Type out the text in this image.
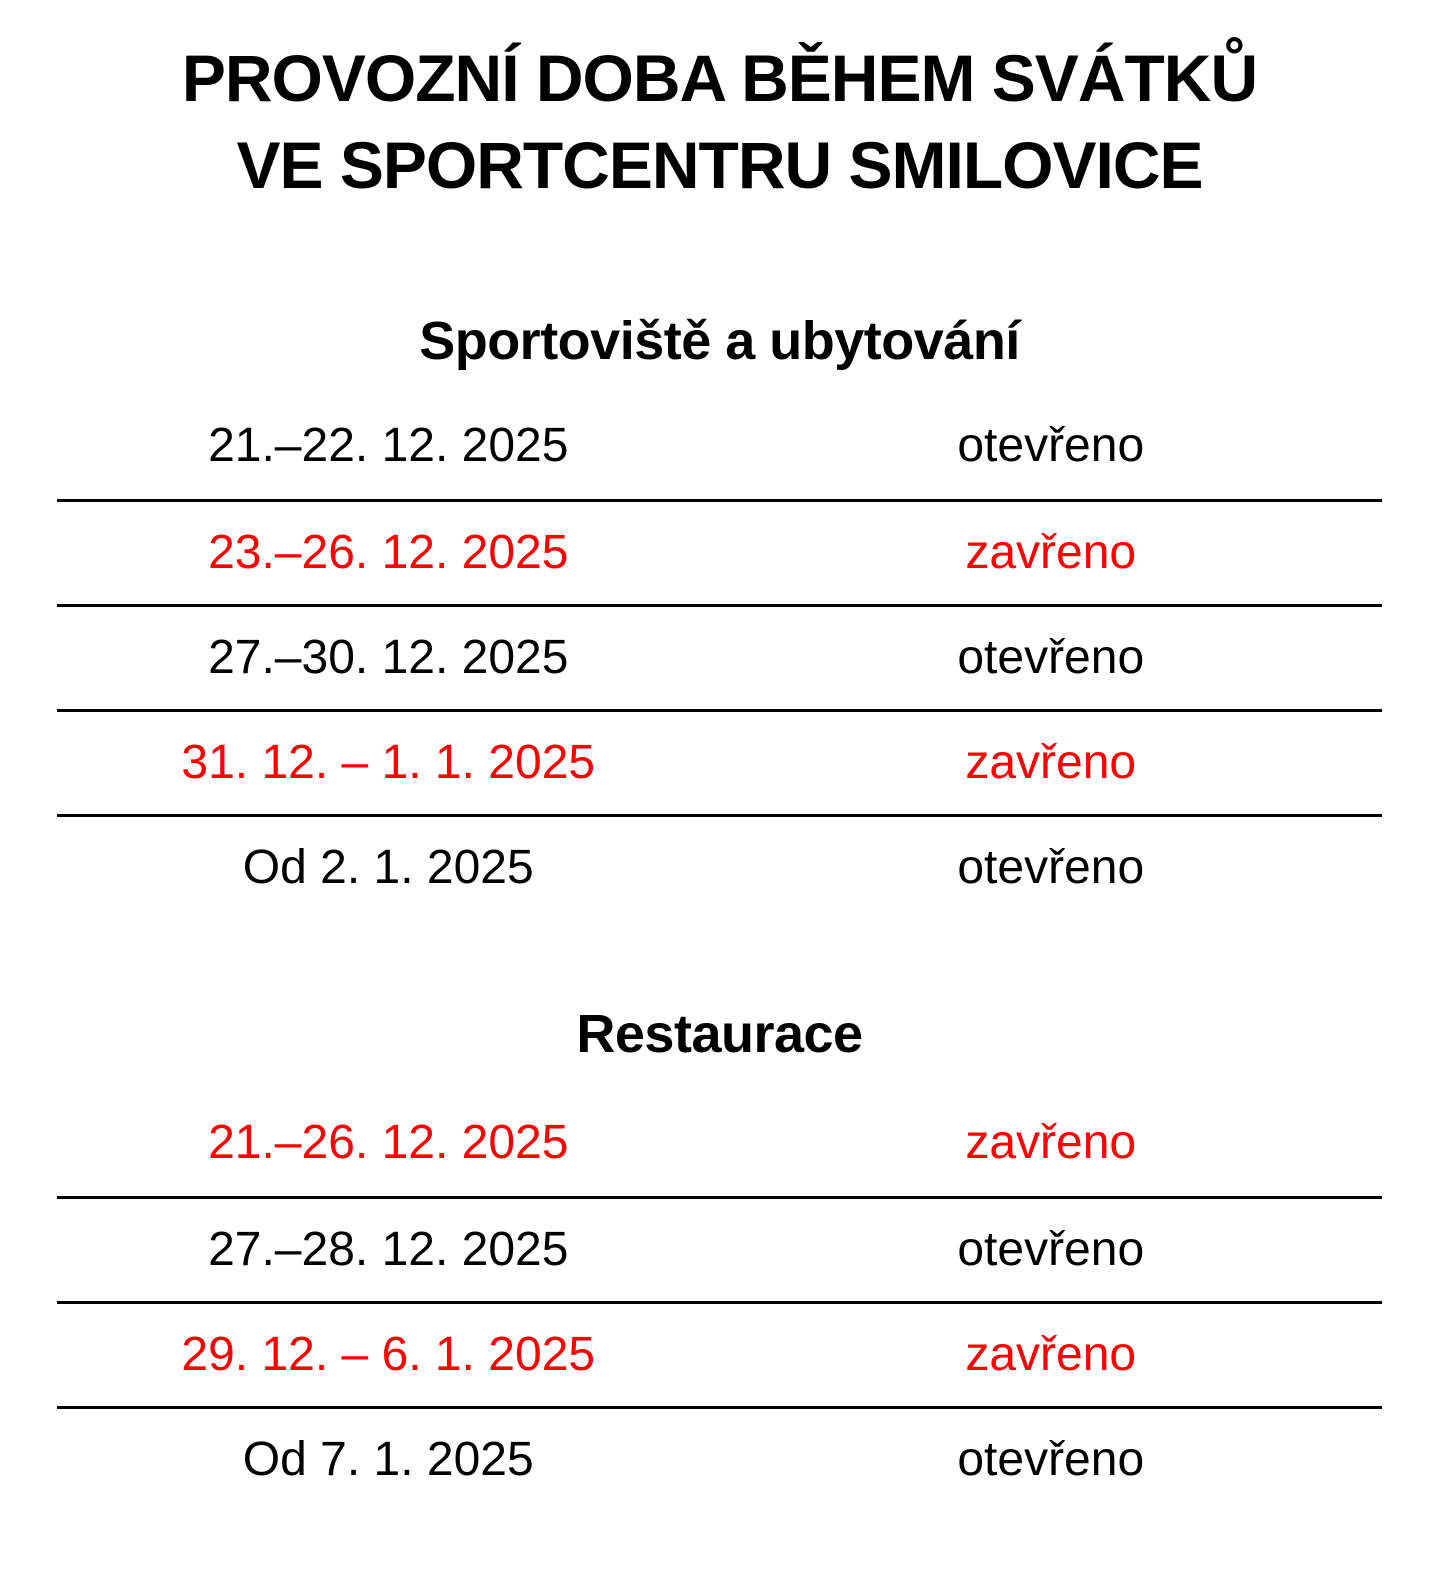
PROVOZNÍ DOBA BĚHEM SVÁTKŮ
VE SPORTCENTRU SMILOVICE
Sportoviště a ubytování
21.–22. 12. 2025	otevřeno
23.–26. 12. 2025	zavřeno
27.–30. 12. 2025	otevřeno
31. 12. – 1. 1. 2025	zavřeno
Od 2. 1. 2025	otevřeno
Restaurace
21.–26. 12. 2025	zavřeno
27.–28. 12. 2025	otevřeno
29. 12. – 6. 1. 2025	zavřeno
Od 7. 1. 2025	otevřeno
